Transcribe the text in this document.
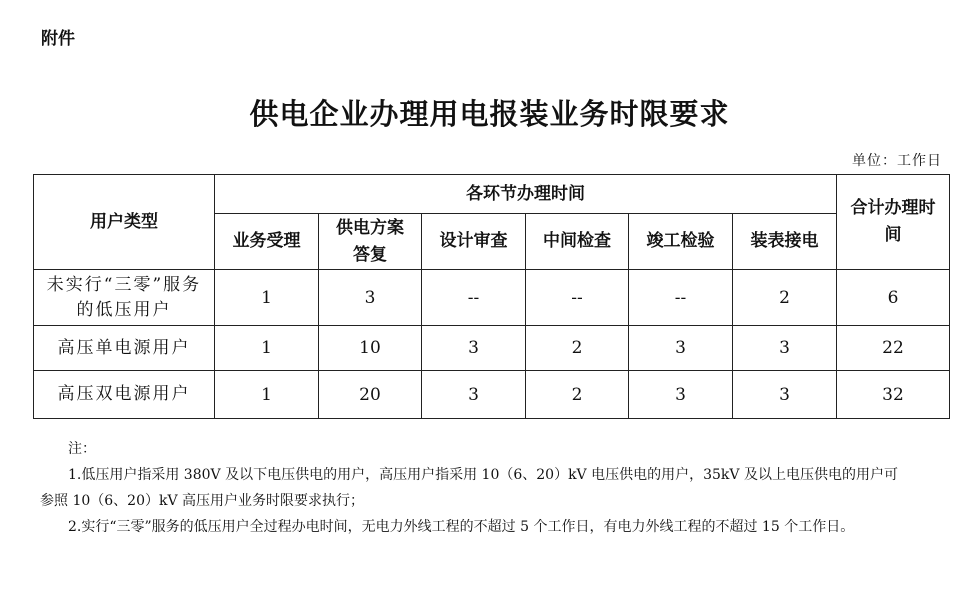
附件
供电企业办理用电报装业务时限要求
单位：工作日
用户类型	各环节办理时间						合计办理时间
	业务受理	供电方案答复	设计审查	中间检查	竣工检验	装表接电	
未实行“三零”服务的低压用户	1	3	--	--	--	2	6
高压单电源用户	1	10	3	2	3	3	22
高压双电源用户	1	20	3	2	3	3	32

注：

1.低压用户指采用 380V 及以下电压供电的用户，高压用户指采用 10（6、20）kV 电压供电的用户，35kV 及以上电压供电的用户可

参照 10（6、20）kV 高压用户业务时限要求执行；

2.实行“三零”服务的低压用户全过程办电时间，无电力外线工程的不超过 5 个工作日，有电力外线工程的不超过 15 个工作日。
